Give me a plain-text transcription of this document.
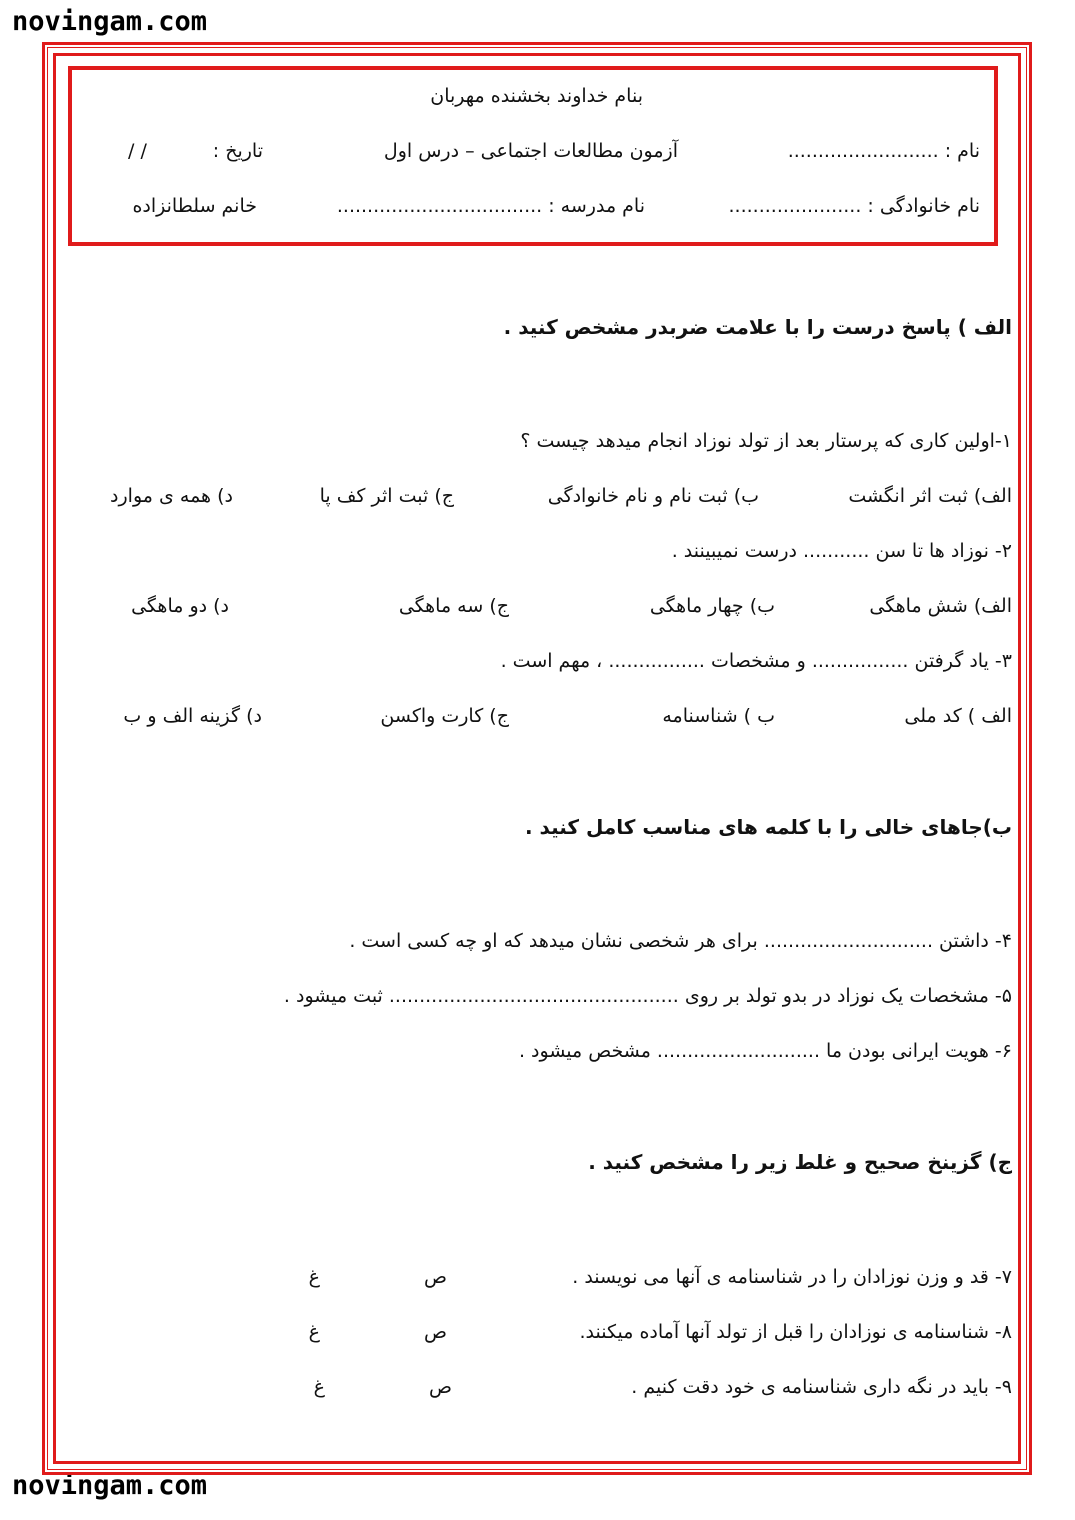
novingam.com
novingam.com
بنام خداوند بخشنده مهربان
نام : .........................
آزمون مطالعات اجتماعی – درس اول
تاریخ :
/ /
نام خانوادگی : ......................
نام مدرسه : ..................................
خانم سلطانزاده
الف ) پاسخ درست را با علامت ضربدر مشخص کنید .
۱-اولین کاری که پرستار بعد از تولد نوزاد انجام میدهد چیست ؟
الف) ثبت اثر انگشت
ب) ثبت نام و نام خانوادگی
ج) ثبت اثر کف پا
د) همه ی موارد
۲- نوزاد ها تا سن ........... درست نمیبینند .
الف) شش ماهگی
ب) چهار ماهگی
ج) سه ماهگی
د) دو ماهگی
۳- یاد گرفتن ................ و مشخصات ................ ، مهم است .
الف ) کد ملی
ب ) شناسنامه
ج) کارت واکسن
د) گزینه الف و ب
ب)جاهای خالی را با کلمه های مناسب کامل کنید .
۴- داشتن ............................ برای هر شخصی نشان میدهد که او چه کسی است .
۵- مشخصات یک نوزاد در بدو تولد بر روی ................................................ ثبت میشود .
۶- هویت ایرانی بودن ما ........................... مشخص میشود .
ج) گزینخ صحیح و غلط زیر را مشخص کنید .
۷- قد و وزن نوزادان را در شناسنامه ی آنها می نویسند .
ص
غ
۸- شناسنامه ی نوزادان را قبل از تولد آنها آماده میکنند.
ص
غ
۹- باید در نگه داری شناسنامه ی خود دقت کنیم .
ص
غ
